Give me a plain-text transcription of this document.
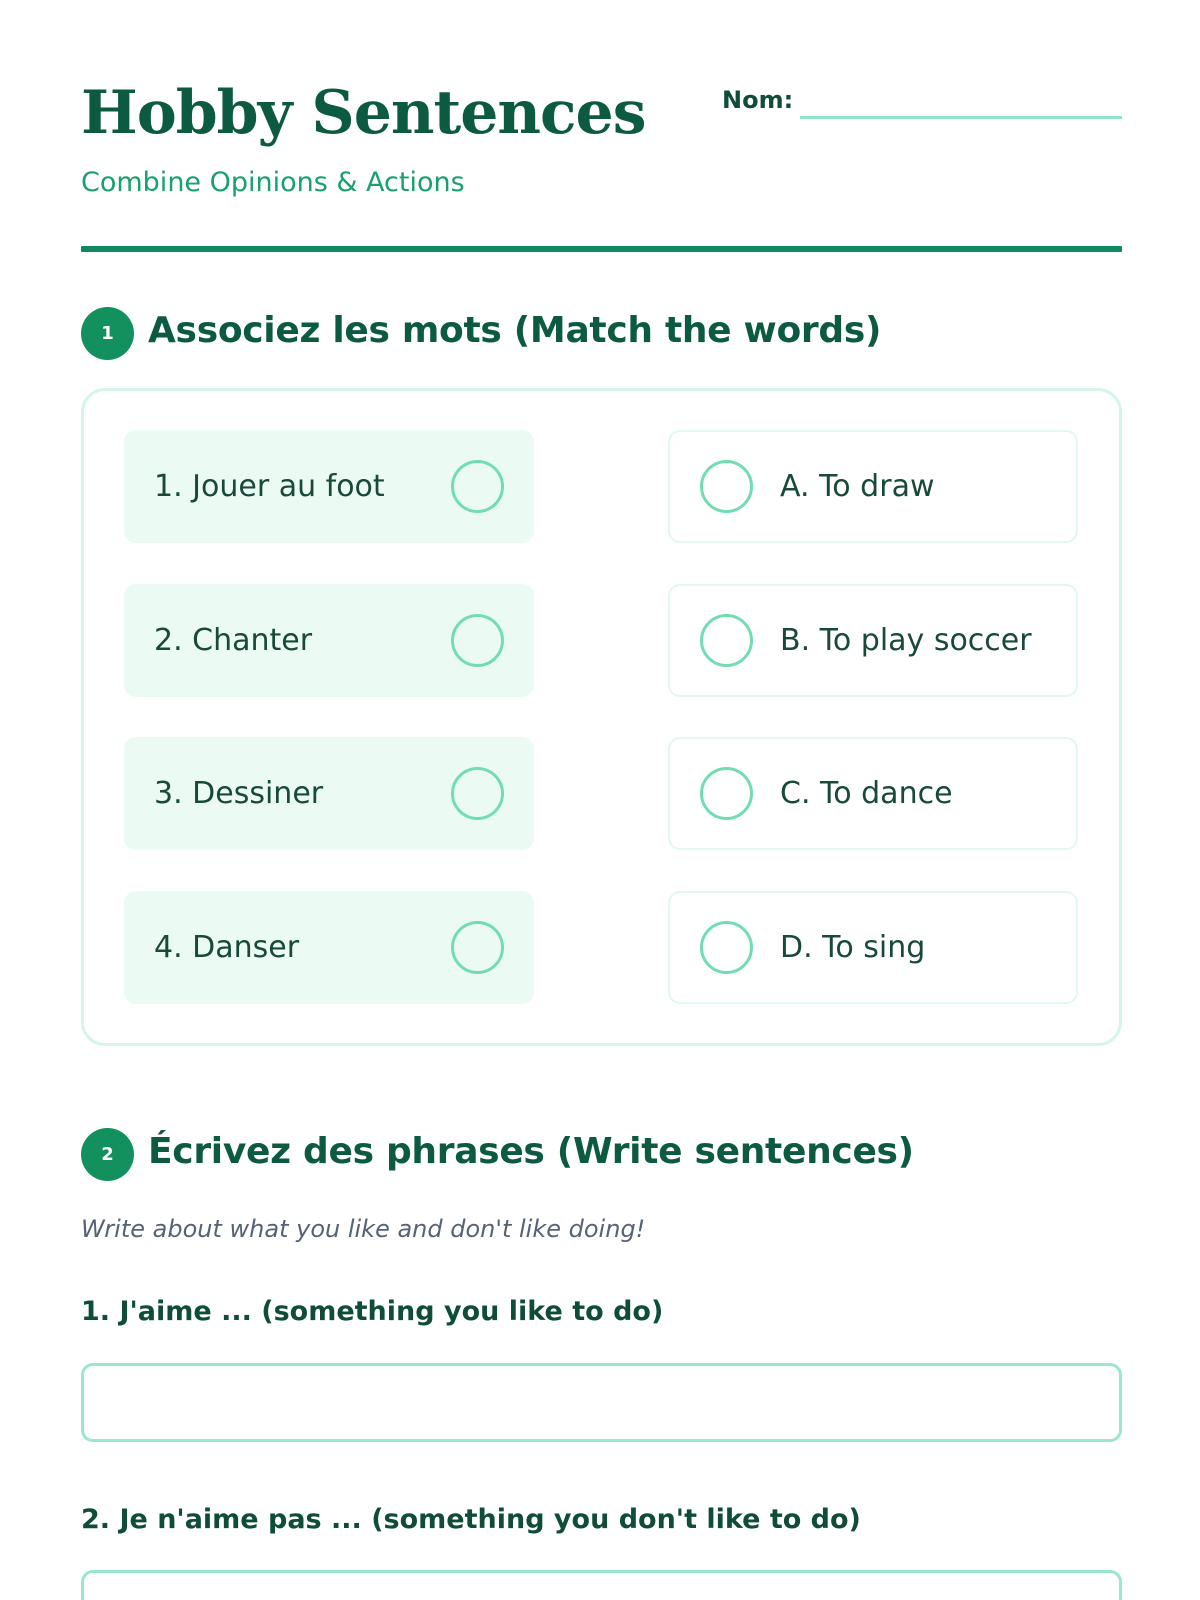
Hobby Sentences
Combine Opinions & Actions
Nom:
1 Associez les mots (Match the words)
1. Jouer au foot
2. Chanter
3. Dessiner
4. Danser
A. To draw
B. To play soccer
C. To dance
D. To sing
2 Écrivez des phrases (Write sentences)

Write about what you like and don't like doing!

1. J'aime ... (something you like to do)
2. Je n'aime pas ... (something you don't like to do)
